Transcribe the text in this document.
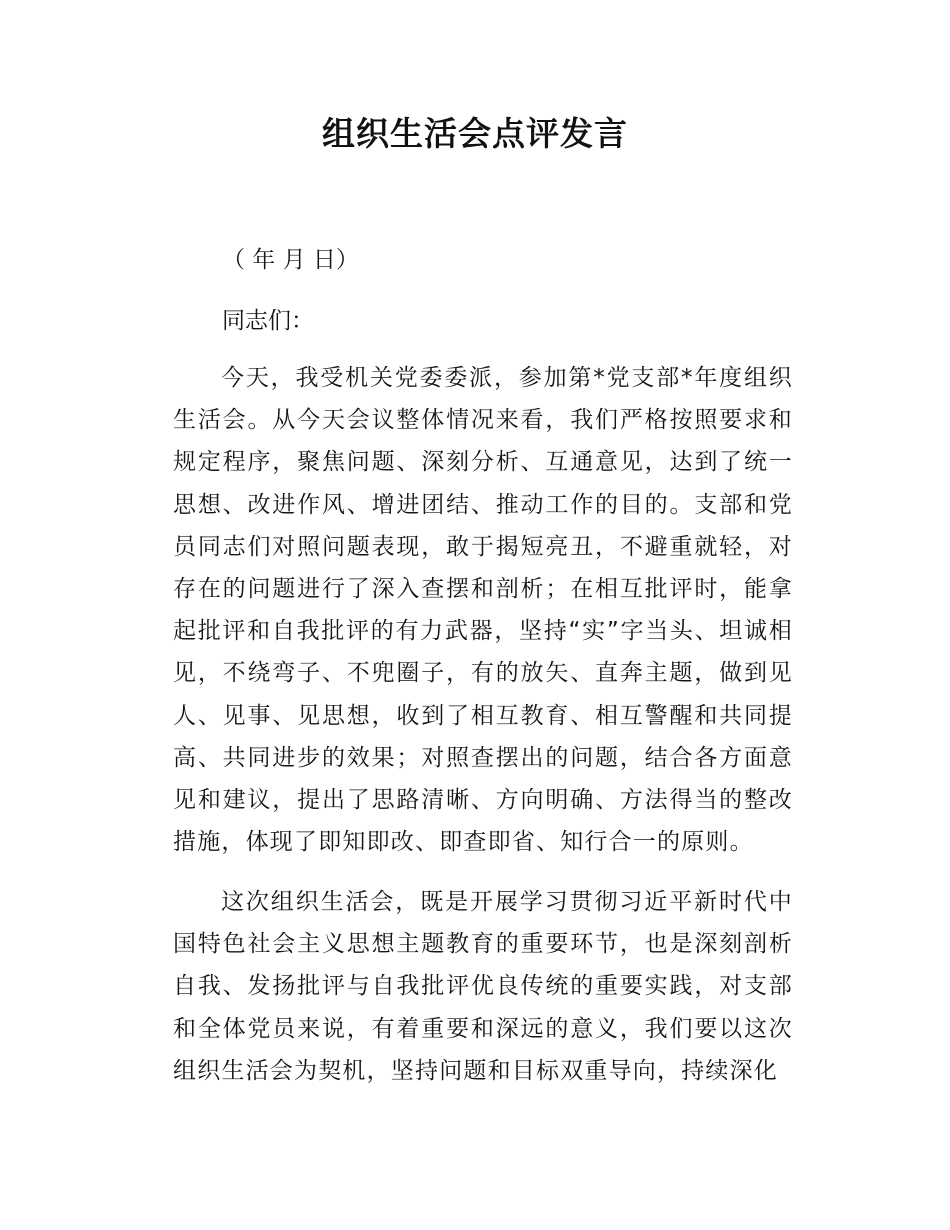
组织生活会点评发言
（ 年 月 日）
同志们：

今天，我受机关党委委派，参加第*党支部*年度组织生活会。从今天会议整体情况来看，我们严格按照要求和规定程序，聚焦问题、深刻分析、互通意见，达到了统一思想、改进作风、增进团结、推动工作的目的。支部和党员同志们对照问题表现，敢于揭短亮丑，不避重就轻，对存在的问题进行了深入查摆和剖析；在相互批评时，能拿起批评和自我批评的有力武器，坚持“实”字当头、坦诚相见，不绕弯子、不兜圈子，有的放矢、直奔主题，做到见人、见事、见思想，收到了相互教育、相互警醒和共同提高、共同进步的效果；对照查摆出的问题，结合各方面意见和建议，提出了思路清晰、方向明确、方法得当的整改措施，体现了即知即改、即查即省、知行合一的原则。

这次组织生活会，既是开展学习贯彻习近平新时代中国特色社会主义思想主题教育的重要环节，也是深刻剖析自我、发扬批评与自我批评优良传统的重要实践，对支部和全体党员来说，有着重要和深远的意义，我们要以这次组织生活会为契机，坚持问题和目标双重导向，持续深化
